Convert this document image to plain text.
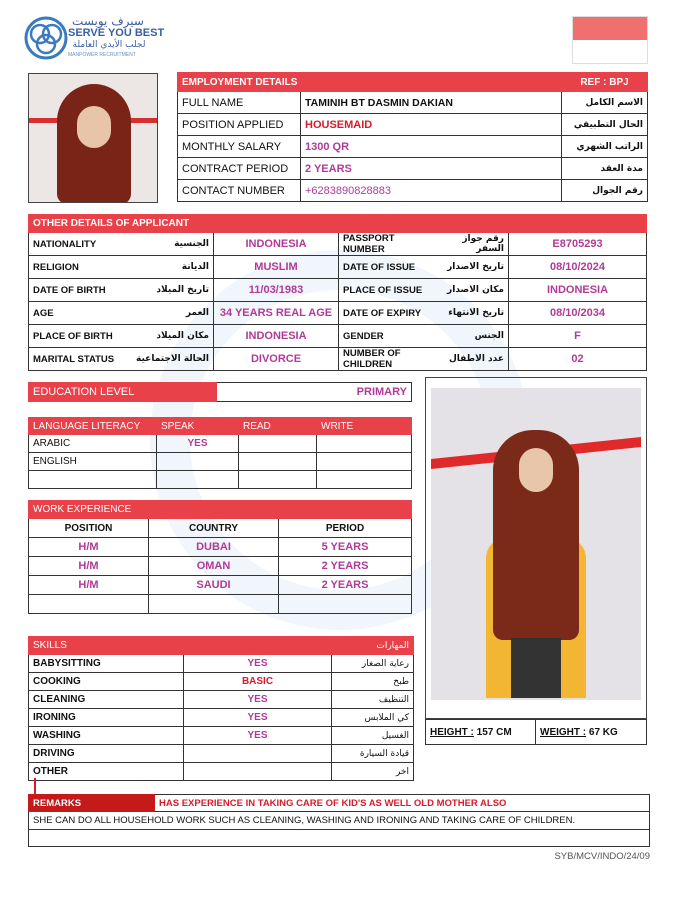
سيرف يوبست
SERVE YOU BEST
لجلب الأيدي العاملة
MANPOWER RECRUITMENT
EMPLOYMENT DETAILS		REF : BPJ
FULL NAME	TAMINIH BT DASMIN DAKIAN	الاسم الكامل
POSITION APPLIED	HOUSEMAID	الحال التطبيقي
MONTHLY SALARY	1300 QR	الراتب الشهري
CONTRACT PERIOD	2 YEARS	مدة العقد
CONTACT NUMBER	+6283890828883	رقم الجوال
OTHER DETAILS OF APPLICANT					
NATIONALITY	الجنسية	INDONESIA	PASSPORT NUMBER	رقم جواز السفر	E8705293
RELIGION	الديانة	MUSLIM	DATE OF ISSUE	تاريخ الاصدار	08/10/2024
DATE OF BIRTH	تاريخ الميلاد	11/03/1983	PLACE OF ISSUE	مكان الاصدار	INDONESIA
AGE	العمر	34 YEARS REAL AGE	DATE OF EXPIRY	تاريخ الانتهاء	08/10/2034
PLACE OF BIRTH	مكان الميلاد	INDONESIA	GENDER	الجنس	F
MARITAL STATUS	الحالة الاجتماعية	DIVORCE	NUMBER OF CHILDREN	عدد الاطفال	02
EDUCATION LEVEL	PRIMARY
LANGUAGE LITERACY	SPEAK	READ	WRITE
ARABIC	YES		
ENGLISH			

WORK EXPERIENCE		
POSITION	COUNTRY	PERIOD
H/M	DUBAI	5 YEARS
H/M	OMAN	2 YEARS
H/M	SAUDI	2 YEARS

SKILLS		المهارات
BABYSITTING	YES	رعاية الصغار
COOKING	BASIC	طبخ
CLEANING	YES	التنظيف
IRONING	YES	كي الملابس
WASHING	YES	الغسيل
DRIVING		قيادة السيارة
OTHER		اخر
HEIGHT : 157 CM	WEIGHT : 67 KG
REMARKS	HAS EXPERIENCE IN TAKING CARE OF KID'S AS WELL OLD MOTHER ALSO
SHE CAN DO ALL HOUSEHOLD WORK SUCH AS CLEANING, WASHING AND IRONING AND TAKING CARE OF CHILDREN.

SYB/MCV/INDO/24/09
